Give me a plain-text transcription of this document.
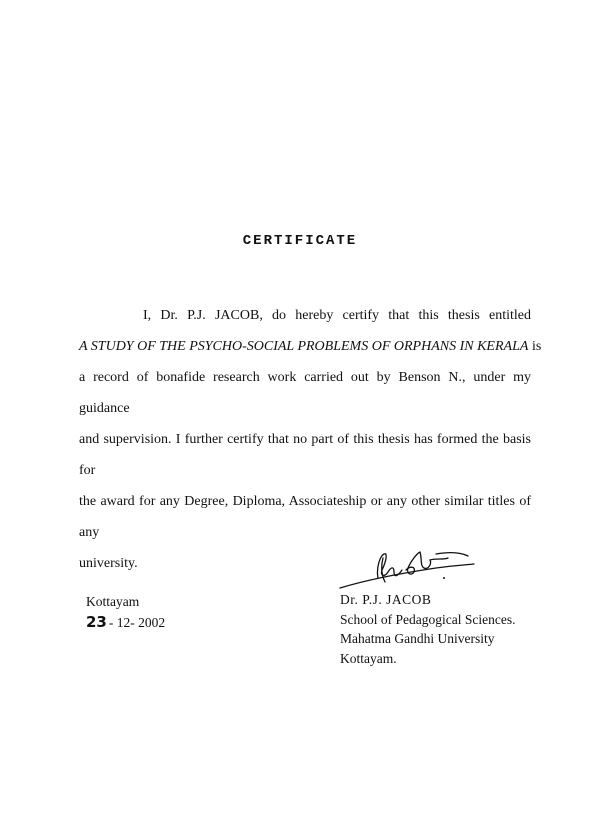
CERTIFICATE
I, Dr. P.J. JACOB, do hereby certify that this thesis entitled
A STUDY OF THE PSYCHO-SOCIAL PROBLEMS OF ORPHANS IN KERALA is
a record of bonafide research work carried out by Benson N., under my guidance
and supervision. I further certify that no part of this thesis has formed the basis for
the award for any Degree, Diploma, Associateship or any other similar titles of any
university.
Kottayam
23 - 12- 2002
Dr. P.J. JACOB
School of Pedagogical Sciences.
Mahatma Gandhi University
Kottayam.
